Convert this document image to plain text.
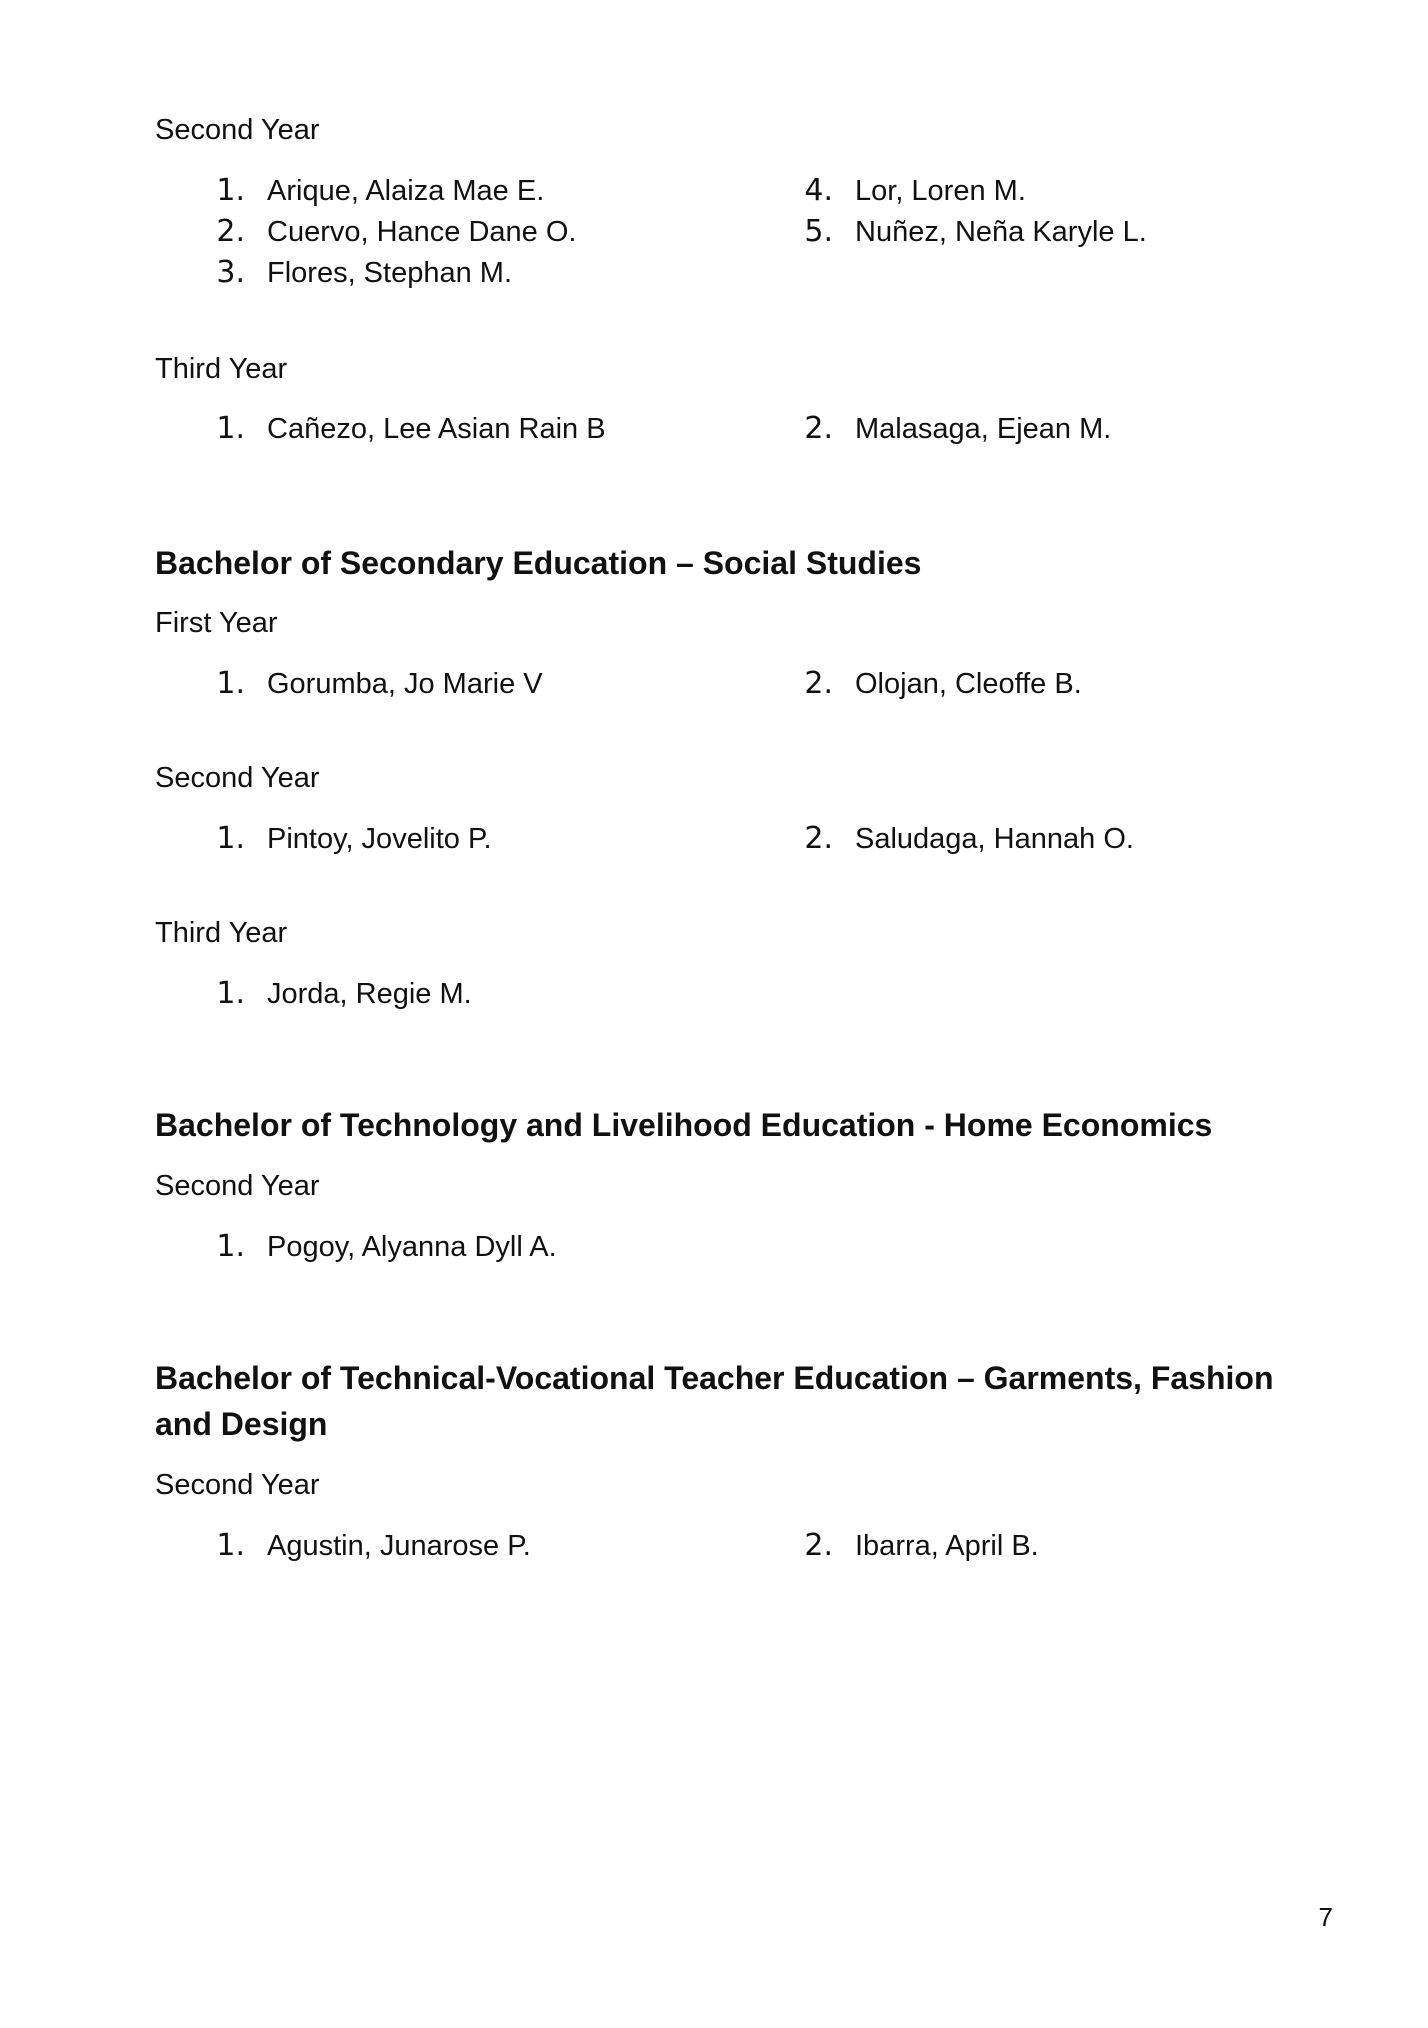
Second Year
1. Arique, Alaiza Mae E.
2. Cuervo, Hance Dane O.
3. Flores, Stephan M.
4. Lor, Loren M.
5. Nuñez, Neña Karyle L.
Third Year
1. Cañezo, Lee Asian Rain B	2. Malasaga, Ejean M.
Bachelor of Secondary Education – Social Studies
First Year
1. Gorumba, Jo Marie V	2. Olojan, Cleoffe B.
Second Year
1. Pintoy, Jovelito P.	2. Saludaga, Hannah O.
Third Year
1. Jorda, Regie M.
Bachelor of Technology and Livelihood Education - Home Economics
Second Year
1. Pogoy, Alyanna Dyll A.
Bachelor of Technical-Vocational Teacher Education – Garments, Fashion and Design
Second Year
1. Agustin, Junarose P.	2. Ibarra, April B.
7
